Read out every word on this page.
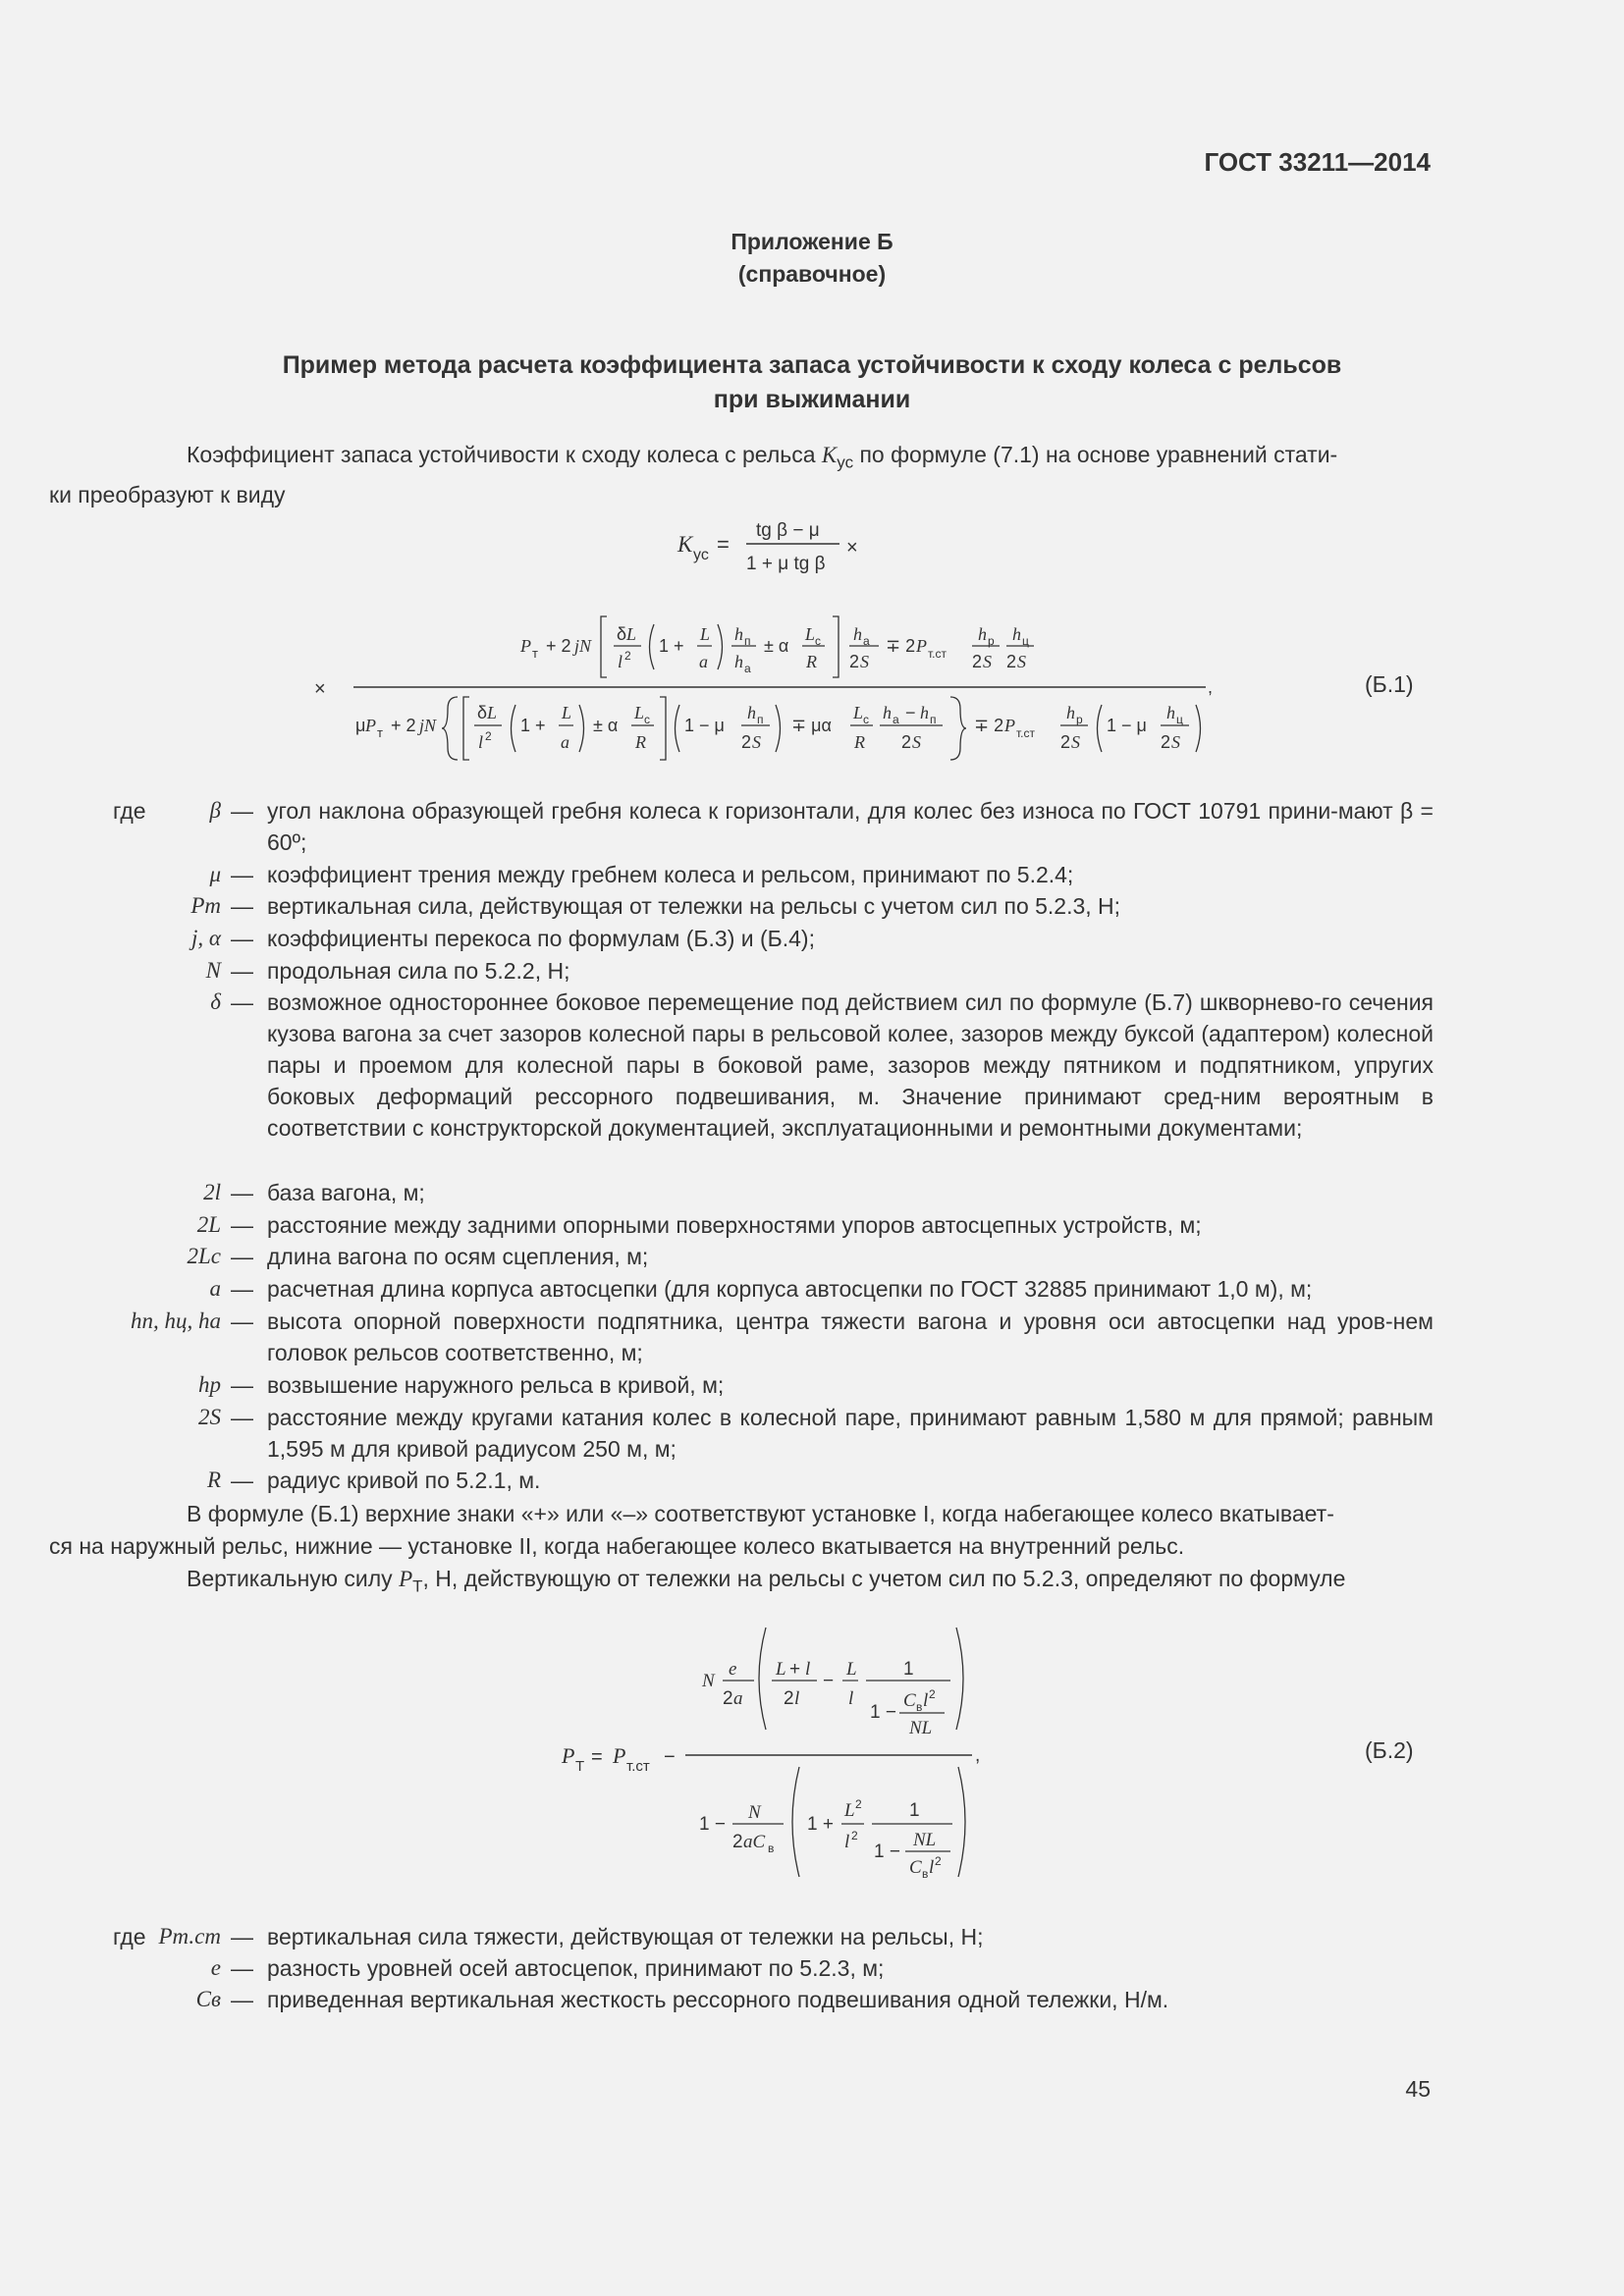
ГОСТ 33211—2014
Приложение Б
(справочное)
Пример метода расчета коэффициента запаса устойчивости к сходу колеса с рельсов
при выжимании
Коэффициент запаса устойчивости к сходу колеса с рельса $K_{ус}$ по формуле (7.1) на основе уравнений стати-
ки преобразуют к виду
K ус =
tg β − μ
1 + μ tg β
×
×
P т + 2 jN
δ L
l 2 1 +
L
a
h п
h а
± α
L с
R
h а
2 S
∓ 2 P т.ст
h р
2 S
h ц
2 S
,
μ P т + 2 jN
δ L
l 2
1 +
L
a
± α
L с
R
1 − μ
h п
2 S
∓ μα
L с
R
h а − h п
2 S
∓ 2 P т.ст
h р
2 S
1 − μ
h ц
2 S
(Б.1)
где	β — угол наклона образующей гребня колеса к горизонтали, для колес без износа по ГОСТ 10791 прини-мают β = 60º;
μ — коэффициент трения между гребнем колеса и рельсом, принимают по 5.2.4;
Pт — вертикальная сила, действующая от тележки на рельсы с учетом сил по 5.2.3, Н;
j, α — коэффициенты перекоса по формулам (Б.3) и (Б.4);
N — продольная сила по 5.2.2, Н;
δ — возможное одностороннее боковое перемещение под действием сил по формуле (Б.7) шкворнево-го сечения кузова вагона за счет зазоров колесной пары в рельсовой колее, зазоров между буксой (адаптером) колесной пары и проемом для колесной пары в боковой раме, зазоров между пятником и подпятником, упругих боковых деформаций рессорного подвешивания, м. Значение принимают сред-ним вероятным в соответствии с конструкторской документацией, эксплуатационными и ремонтными документами;
2l — база вагона, м;
2L — расстояние между задними опорными поверхностями упоров автосцепных устройств, м;
2Lс — длина вагона по осям сцепления, м;
a — расчетная длина корпуса автосцепки (для корпуса автосцепки по ГОСТ 32885 принимают 1,0 м), м;
hп, hц, hа — высота опорной поверхности подпятника, центра тяжести вагона и уровня оси автосцепки над уров-нем головок рельсов соответственно, м;
hр — возвышение наружного рельса в кривой, м;
2S — расстояние между кругами катания колес в колесной паре, принимают равным 1,580 м для прямой; равным 1,595 м для кривой радиусом 250 м, м;
R — радиус кривой по 5.2.1, м.
В формуле (Б.1) верхние знаки «+» или «–» соответствуют установке I, когда набегающее колесо вкатывает-
ся на наружный рельс, нижние — установке II, когда набегающее колесо вкатывается на внутренний рельс.
Вертикальную силу $P_T$, Н, действующую от тележки на рельсы с учетом сил по 5.2.3, определяют по формуле
P T = P т.ст −
N
e
2 a
L + l
2 l
−
L
l
1
1 −
C в l 2
NL
,
1 −
N
2 aC в
1 +
L 2
l 2
1
1 −
NL
C в l 2
(Б.2)
где Pт.ст — вертикальная сила тяжести, действующая от тележки на рельсы, Н;
e — разность уровней осей автосцепок, принимают по 5.2.3, м;
Cв — приведенная вертикальная жесткость рессорного подвешивания одной тележки, Н/м.
45
